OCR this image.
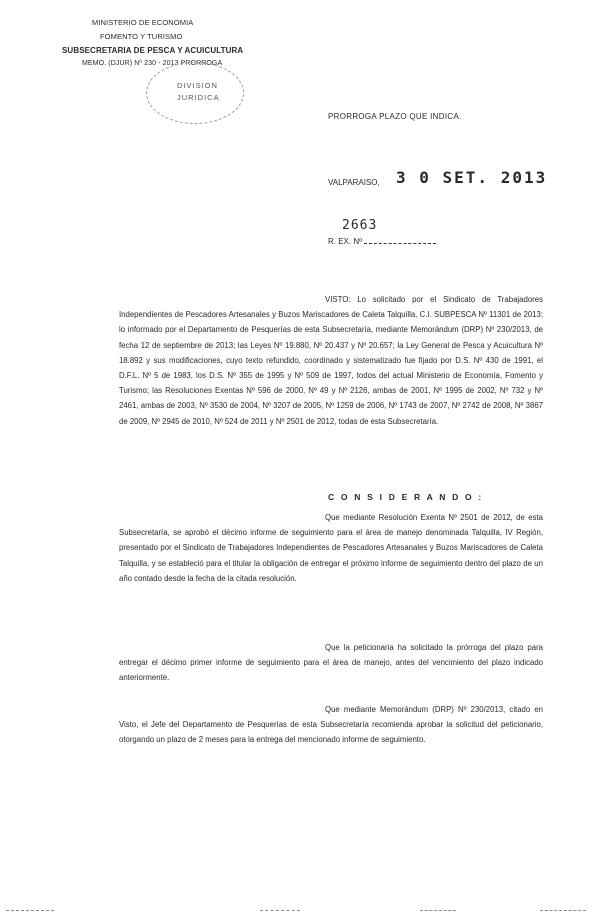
MINISTERIO DE ECONOMIA
FOMENTO Y TURISMO
SUBSECRETARIA DE PESCA Y ACUICULTURA
MEMO. (DJUR) Nº 230 - 2013 PRORROGA
DIVISION
JURIDICA
PRORROGA PLAZO QUE INDICA.
VALPARAISO, 3 0 SET. 2013
2663
R. EX. Nº
VISTO: Lo solicitado por el Sindicato de Trabajadores Independientes de Pescadores Artesanales y Buzos Mariscadores de Caleta Talquilla, C.I. SUBPESCA Nº 11301 de 2013; lo informado por el Departamento de Pesquerías de esta Subsecretaría, mediante Memorándum (DRP) Nº 230/2013, de fecha 12 de septiembre de 2013; las Leyes Nº 19.880, Nº 20.437 y Nº 20.657; la Ley General de Pesca y Acuicultura Nº 18.892 y sus modificaciones, cuyo texto refundido, coordinado y sistematizado fue fijado por D.S. Nº 430 de 1991, el D.F.L. Nº 5 de 1983, los D.S. Nº 355 de 1995 y Nº 509 de 1997, todos del actual Ministerio de Economía, Fomento y Turismo; las Resoluciones Exentas Nº 596 de 2000, Nº 49 y Nº 2126, ambas de 2001, Nº 1995 de 2002, Nº 732 y Nº 2461, ambas de 2003, Nº 3530 de 2004, Nº 3207 de 2005, Nº 1259 de 2006, Nº 1743 de 2007, Nº 2742 de 2008, Nº 3867 de 2009, Nº 2945 de 2010, Nº 524 de 2011 y Nº 2501 de 2012, todas de esta Subsecretaría.
C O N S I D E R A N D O :
Que mediante Resolución Exenta Nº 2501 de 2012, de esta Subsecretaría, se aprobó el décimo informe de seguimiento para el área de manejo denominada Talquilla, IV Región, presentado por el Sindicato de Trabajadores Independientes de Pescadores Artesanales y Buzos Mariscadores de Caleta Talquilla, y se estableció para el titular la obligación de entregar el próximo informe de seguimiento dentro del plazo de un año contado desde la fecha de la citada resolución.
Que la peticionaria ha solicitado la prórroga del plazo para entregar el décimo primer informe de seguimiento para el área de manejo, antes del vencimiento del plazo indicado anteriormente.
Que mediante Memorándum (DRP) Nº 230/2013, citado en Visto, el Jefe del Departamento de Pesquerías de esta Subsecretaría recomienda aprobar la solicitud del peticionario, otorgando un plazo de 2 meses para la entrega del mencionado informe de seguimiento.
